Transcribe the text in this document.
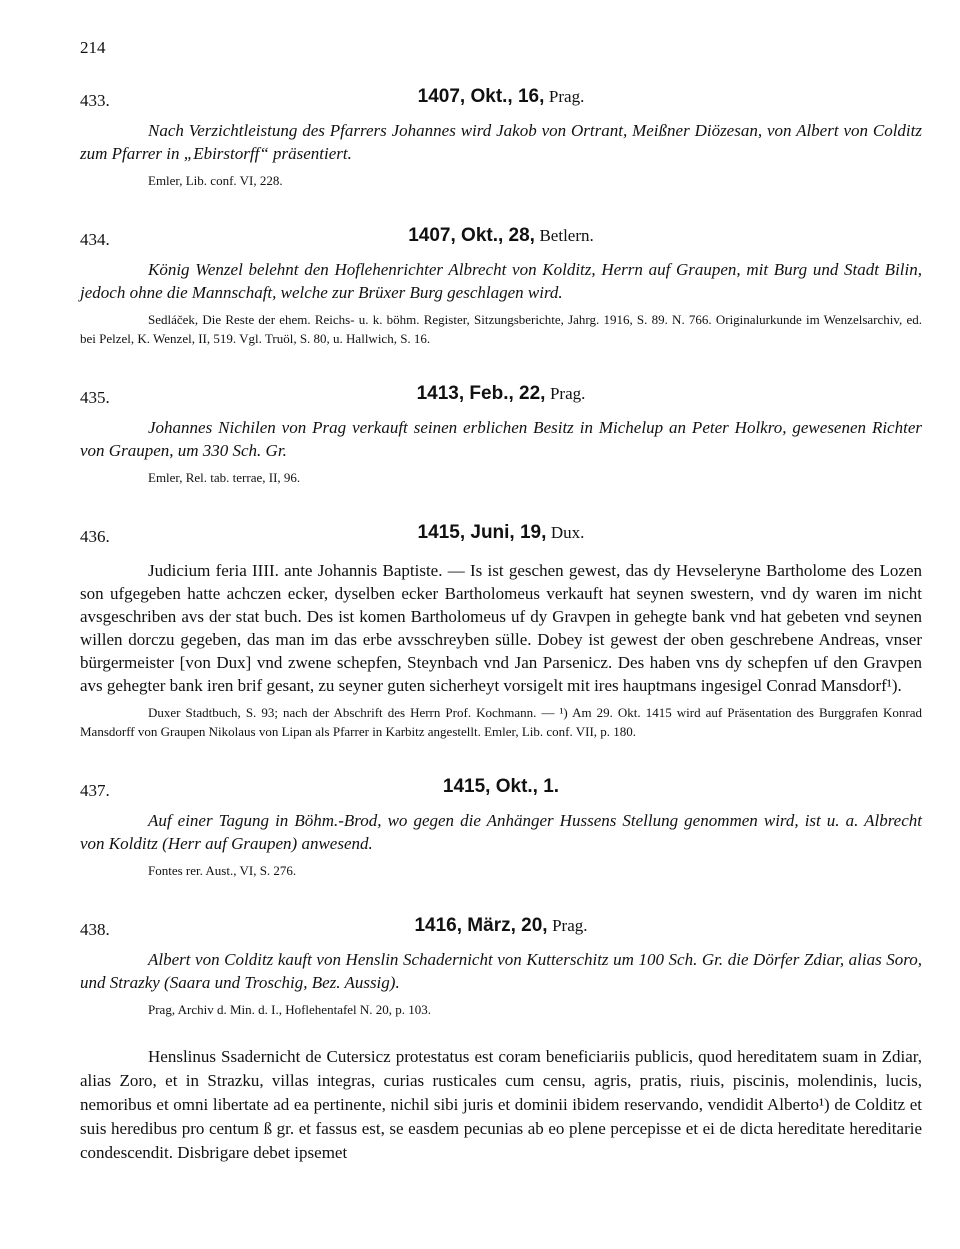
214
433.	1407, Okt., 16, Prag.

Nach Verzichtleistung des Pfarrers Johannes wird Jakob von Ortrant, Meißner Diözesan, von Albert von Colditz zum Pfarrer in „Ebirstorff“ präsentiert.

Emler, Lib. conf. VI, 228.

434.	1407, Okt., 28, Betlern.

König Wenzel belehnt den Hoflehenrichter Albrecht von Kolditz, Herrn auf Graupen, mit Burg und Stadt Bilin, jedoch ohne die Mannschaft, welche zur Brüxer Burg geschlagen wird.

Sedláček, Die Reste der ehem. Reichs- u. k. böhm. Register, Sitzungsberichte, Jahrg. 1916, S. 89. N. 766. Originalurkunde im Wenzelsarchiv, ed. bei Pelzel, K. Wenzel, II, 519. Vgl. Truöl, S. 80, u. Hallwich, S. 16.

435.	1413, Feb., 22, Prag.

Johannes Nichilen von Prag verkauft seinen erblichen Besitz in Michelup an Peter Holkro, gewesenen Richter von Graupen, um 330 Sch. Gr.

Emler, Rel. tab. terrae, II, 96.

436.	1415, Juni, 19, Dux.

Judicium feria IIII. ante Johannis Baptiste. — Is ist geschen gewest, das dy Hevseleryne Bartholome des Lozen son ufgegeben hatte achczen ecker, dyselben ecker Bartholomeus verkauft hat seynen swestern, vnd dy waren im nicht avsgeschriben avs der stat buch. Des ist komen Bartholomeus uf dy Gravpen in gehegte bank vnd hat gebeten vnd seynen willen dorczu gegeben, das man im das erbe avsschreyben sülle. Dobey ist gewest der oben geschrebene Andreas, vnser bürgermeister [von Dux] vnd zwene schepfen, Steynbach vnd Jan Parsenicz. Des haben vns dy schepfen uf den Gravpen avs gehegter bank iren brif gesant, zu seyner guten sicherheyt vorsigelt mit ires hauptmans ingesigel Conrad Mansdorf¹).

Duxer Stadtbuch, S. 93; nach der Abschrift des Herrn Prof. Kochmann. — ¹) Am 29. Okt. 1415 wird auf Präsentation des Burggrafen Konrad Mansdorff von Graupen Nikolaus von Lipan als Pfarrer in Karbitz angestellt. Emler, Lib. conf. VII, p. 180.

437.	1415, Okt., 1.

Auf einer Tagung in Böhm.-Brod, wo gegen die Anhänger Hussens Stellung genommen wird, ist u. a. Albrecht von Kolditz (Herr auf Graupen) anwesend.

Fontes rer. Aust., VI, S. 276.

438.	1416, März, 20, Prag.

Albert von Colditz kauft von Henslin Schadernicht von Kutterschitz um 100 Sch. Gr. die Dörfer Zdiar, alias Soro, und Strazky (Saara und Troschig, Bez. Aussig).

Prag, Archiv d. Min. d. I., Hoflehentafel N. 20, p. 103.

Henslinus Ssadernicht de Cutersicz protestatus est coram beneficiariis publicis, quod hereditatem suam in Zdiar, alias Zoro, et in Strazku, villas integras, curias rusticales cum censu, agris, pratis, riuis, piscinis, molendinis, lucis, nemoribus et omni libertate ad ea pertinente, nichil sibi juris et dominii ibidem reservando, vendidit Alberto¹) de Colditz et suis heredibus pro centum ß gr. et fassus est, se easdem pecunias ab eo plene percepisse et ei de dicta hereditate hereditarie condescendit. Disbrigare debet ipsemet
